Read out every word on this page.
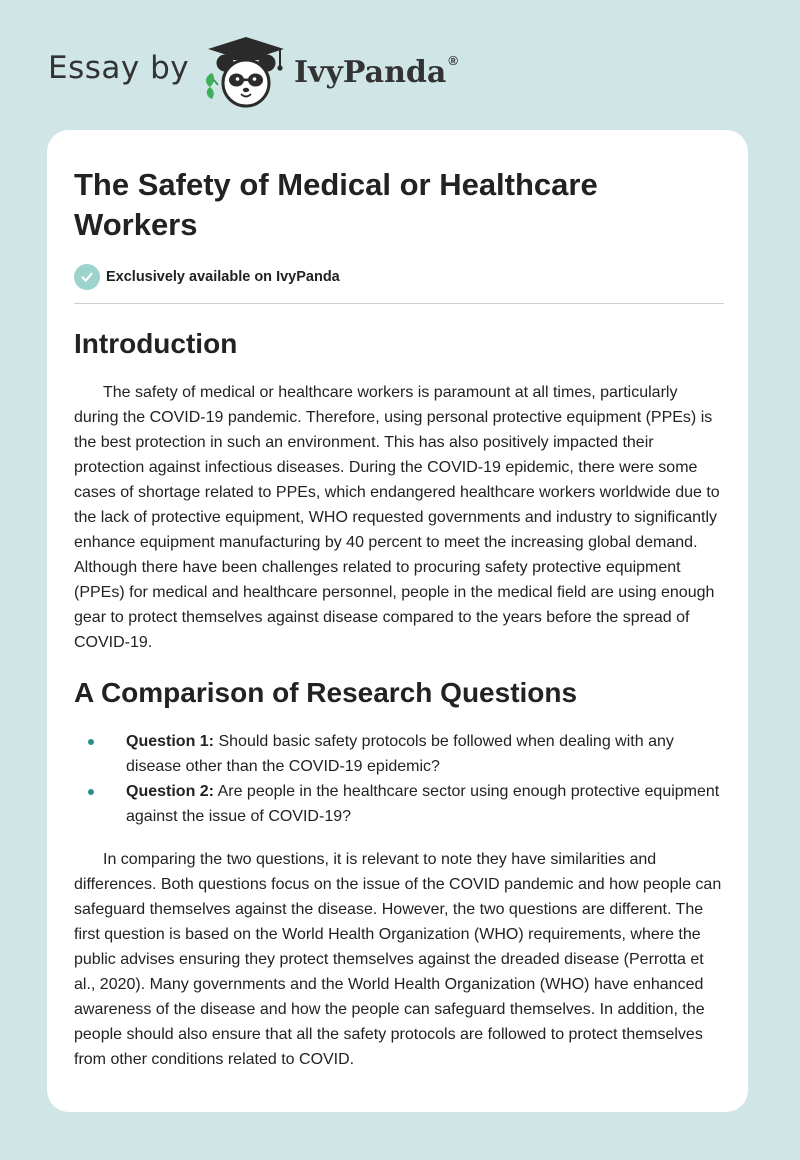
Essay by	IvyPanda ®
The Safety of Medical or Healthcare Workers
Exclusively available on IvyPanda
Introduction

The safety of medical or healthcare workers is paramount at all times, particularly during the COVID-19 pandemic. Therefore, using personal protective equipment (PPEs) is the best protection in such an environment. This has also positively impacted their protection against infectious diseases. During the COVID-19 epidemic, there were some cases of shortage related to PPEs, which endangered healthcare workers worldwide due to the lack of protective equipment, WHO requested governments and industry to significantly enhance equipment manufacturing by 40 percent to meet the increasing global demand. Although there have been challenges related to procuring safety protective equipment (PPEs) for medical and healthcare personnel, people in the medical field are using enough gear to protect themselves against disease compared to the years before the spread of COVID-19.

A Comparison of Research Questions
Question 1: Should basic safety protocols be followed when dealing with any disease other than the COVID-19 epidemic?
Question 2: Are people in the healthcare sector using enough protective equipment against the issue of COVID-19?

In comparing the two questions, it is relevant to note they have similarities and differences. Both questions focus on the issue of the COVID pandemic and how people can safeguard themselves against the disease. However, the two questions are different. The first question is based on the World Health Organization (WHO) requirements, where the public advises ensuring they protect themselves against the dreaded disease (Perrotta et al., 2020). Many governments and the World Health Organization (WHO) have enhanced awareness of the disease and how the people can safeguard themselves. In addition, the people should also ensure that all the safety protocols are followed to protect themselves from other conditions related to COVID.
